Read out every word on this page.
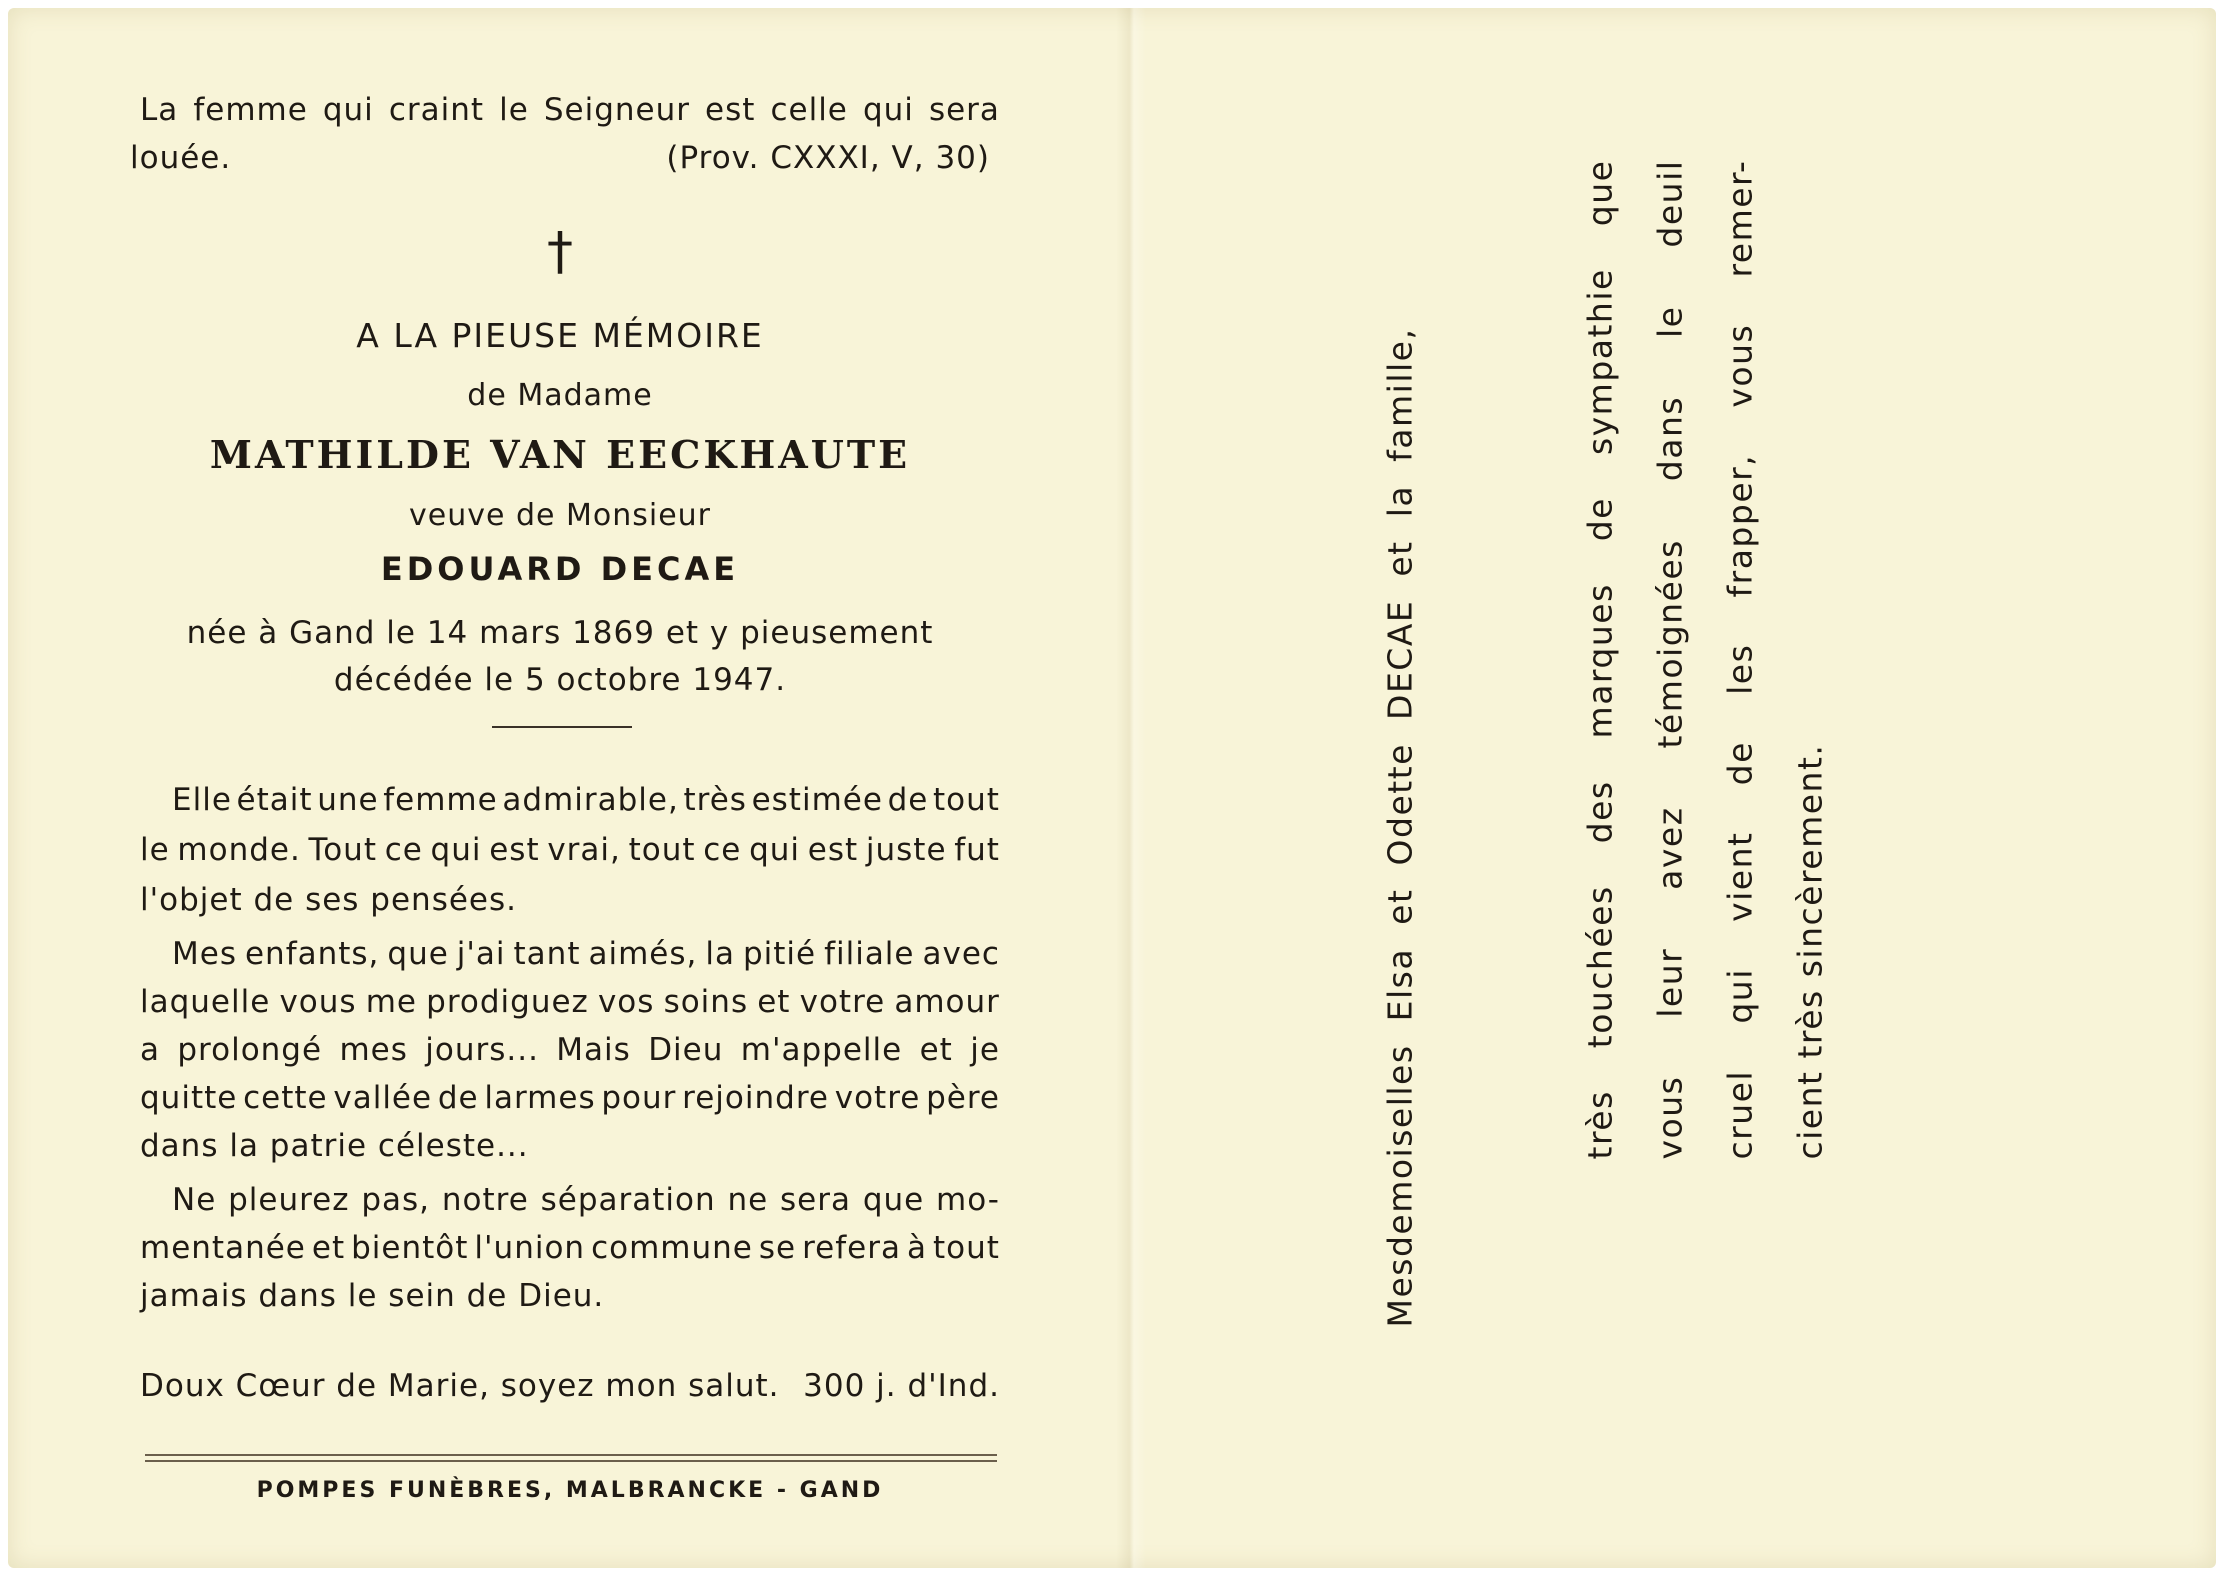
La femme qui craint le Seigneur est celle qui sera
louée.	(Prov. CXXXI, V, 30)
†
A LA PIEUSE MÉMOIRE
de Madame
MATHILDE VAN EECKHAUTE
veuve de Monsieur
EDOUARD DECAE
née à Gand le 14 mars 1869 et y pieusement
décédée le 5 octobre 1947.
Elle était une femme admirable, très estimée de tout
le monde. Tout ce qui est vrai, tout ce qui est juste fut
l'objet de ses pensées.
Mes enfants, que j'ai tant aimés, la pitié filiale avec
laquelle vous me prodiguez vos soins et votre amour
a prolongé mes jours... Mais Dieu m'appelle et je
quitte cette vallée de larmes pour rejoindre votre père
dans la patrie céleste...
Ne pleurez pas, notre séparation ne sera que mo-
mentanée et bientôt l'union commune se refera à tout
jamais dans le sein de Dieu.
Doux Cœur de Marie, soyez mon salut. 300 j. d'Ind.
POMPES FUNÈBRES, MALBRANCKE - GAND
Mesdemoiselles
Elsa
et
Odette
DECAE
et
la
famille,
très
touchées
des
marques
de
sympathie
que
vous
leur
avez
témoignées
dans
le
deuil
cruel
qui
vient
de
les
frapper,
vous
remer-
cient très sincèrement.
